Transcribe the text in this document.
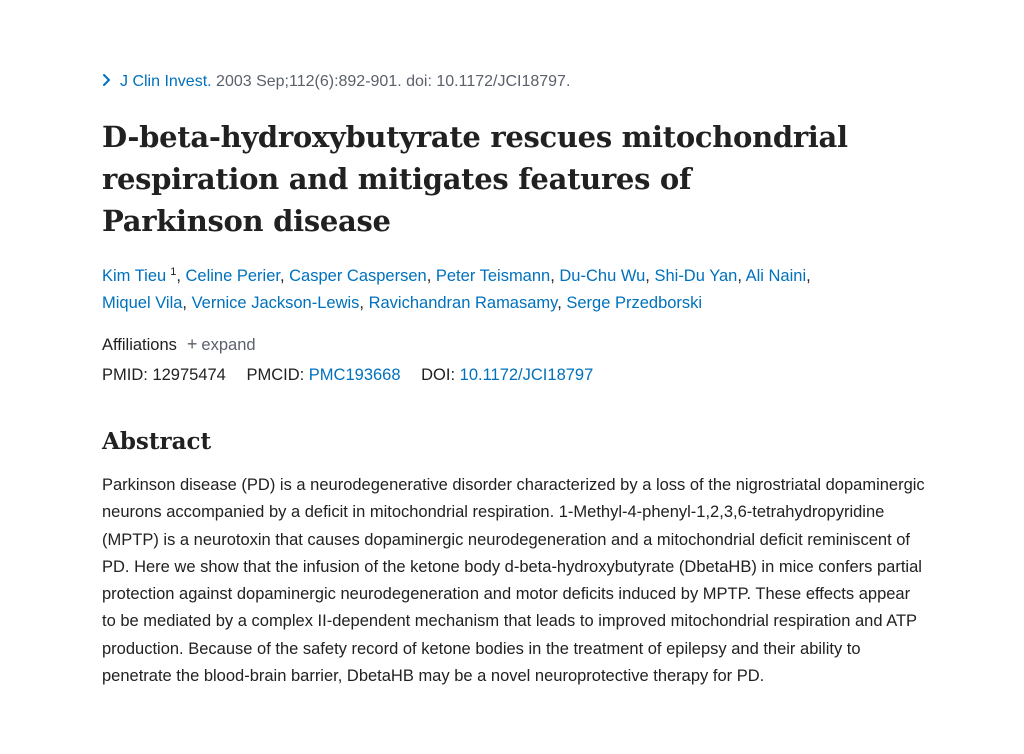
J Clin Invest. 2003 Sep;112(6):892-901. doi: 10.1172/JCI18797.
D-beta-hydroxybutyrate rescues mitochondrial respiration and mitigates features of Parkinson disease
Kim Tieu $^1$, Celine Perier, Casper Caspersen, Peter Teismann, Du-Chu Wu, Shi-Du Yan, Ali Naini,
Miquel Vila, Vernice Jackson-Lewis, Ravichandran Ramasamy, Serge Przedborski
Affiliations + expand
PMID: 12975474 PMCID: PMC193668 DOI: 10.1172/JCI18797
Abstract

Parkinson disease (PD) is a neurodegenerative disorder characterized by a loss of the nigrostriatal dopaminergic neurons accompanied by a deficit in mitochondrial respiration. 1-Methyl-4-phenyl-1,2,3,6-tetrahydropyridine (MPTP) is a neurotoxin that causes dopaminergic neurodegeneration and a mitochondrial deficit reminiscent of PD. Here we show that the infusion of the ketone body d-beta-hydroxybutyrate (DbetaHB) in mice confers partial protection against dopaminergic neurodegeneration and motor deficits induced by MPTP. These effects appear to be mediated by a complex II-dependent mechanism that leads to improved mitochondrial respiration and ATP production. Because of the safety record of ketone bodies in the treatment of epilepsy and their ability to penetrate the blood-brain barrier, DbetaHB may be a novel neuroprotective therapy for PD.
